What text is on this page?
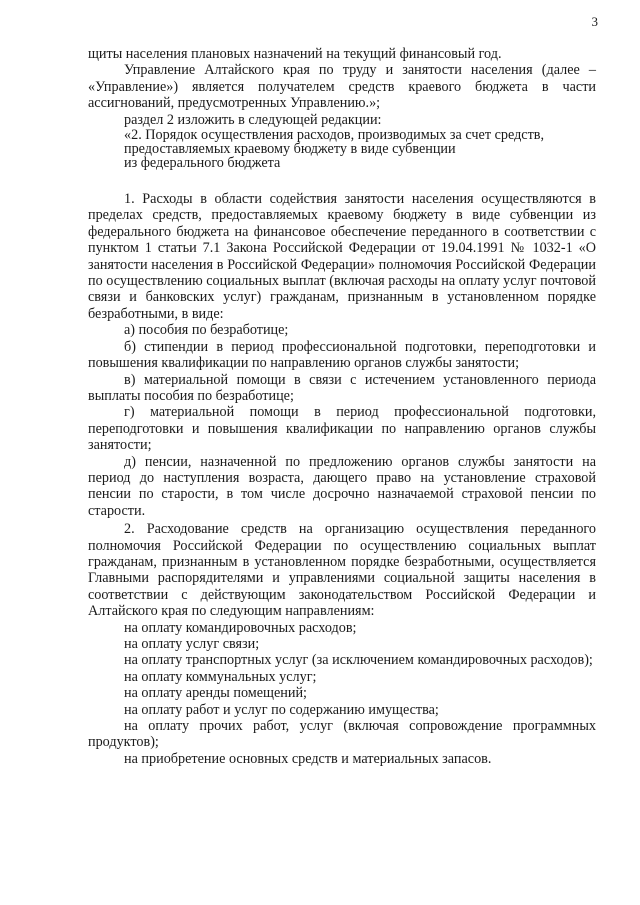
3

щиты населения плановых назначений на текущий финансовый год.

Управление Алтайского края по труду и занятости населения (далее – «Управление») является получателем средств краевого бюджета в части ассигнований, предусмотренных Управлению.»;

раздел 2 изложить в следующей редакции:

«2. Порядок осуществления расходов, производимых за счет средств,

предоставляемых краевому бюджету в виде субвенции

из федерального бюджета

1. Расходы в области содействия занятости населения осуществляются в пределах средств, предоставляемых краевому бюджету в виде субвенции из федерального бюджета на финансовое обеспечение переданного в соответствии с пунктом 1 статьи 7.1 Закона Российской Федерации от 19.04.1991 № 1032-1 «О занятости населения в Российской Федерации» полномочия Российской Федерации по осуществлению социальных выплат (включая расходы на оплату услуг почтовой связи и банковских услуг) гражданам, признанным в установленном порядке безработными, в виде:

а) пособия по безработице;

б) стипендии в период профессиональной подготовки, переподготовки и повышения квалификации по направлению органов службы занятости;

в) материальной помощи в связи с истечением установленного периода выплаты пособия по безработице;

г) материальной помощи в период профессиональной подготовки, переподготовки и повышения квалификации по направлению органов службы занятости;

д) пенсии, назначенной по предложению органов службы занятости на период до наступления возраста, дающего право на установление страховой пенсии по старости, в том числе досрочно назначаемой страховой пенсии по старости.

2. Расходование средств на организацию осуществления переданного полномочия Российской Федерации по осуществлению социальных выплат гражданам, признанным в установленном порядке безработными, осуществляется Главными распорядителями и управлениями социальной защиты населения в соответствии с действующим законодательством Российской Федерации и Алтайского края по следующим направлениям:

на оплату командировочных расходов;

на оплату услуг связи;

на оплату транспортных услуг (за исключением командировочных расходов);

на оплату коммунальных услуг;

на оплату аренды помещений;

на оплату работ и услуг по содержанию имущества;

на оплату прочих работ, услуг (включая сопровождение программных продуктов);

на приобретение основных средств и материальных запасов.
